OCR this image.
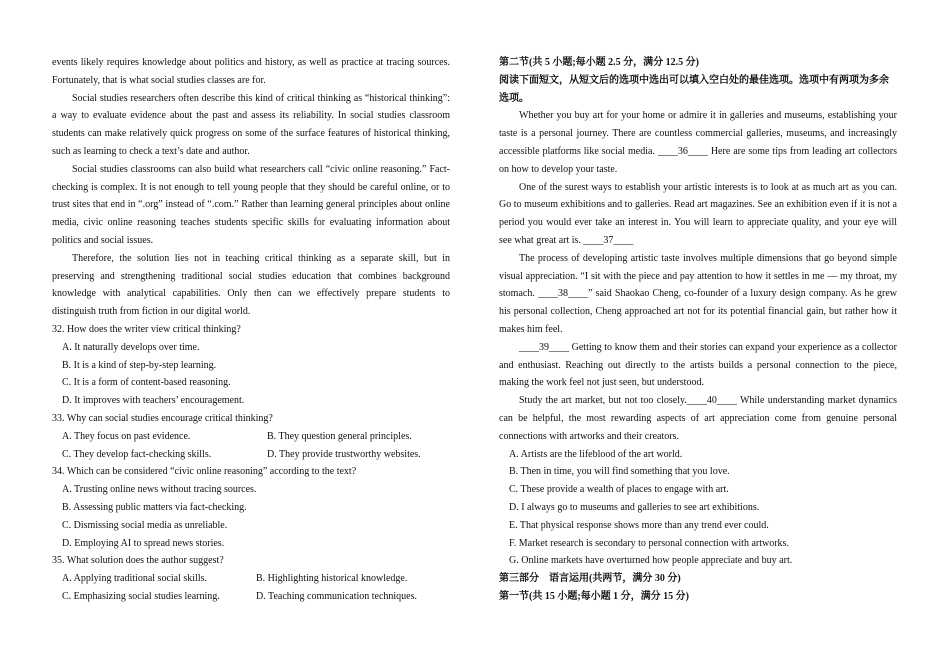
events likely requires knowledge about politics and history, as well as practice at tracing sources. Fortunately, that is what social studies classes are for.

Social studies researchers often describe this kind of critical thinking as “historical thinking”: a way to evaluate evidence about the past and assess its reliability. In social studies classroom students can make relatively quick progress on some of the surface features of historical thinking, such as learning to check a text’s date and author.

Social studies classrooms can also build what researchers call “civic online reasoning.” Fact-checking is complex. It is not enough to tell young people that they should be careful online, or to trust sites that end in “.org” instead of “.com.” Rather than learning general principles about online media, civic online reasoning teaches students specific skills for evaluating information about politics and social issues.

Therefore, the solution lies not in teaching critical thinking as a separate skill, but in preserving and strengthening traditional social studies education that combines background knowledge with analytical capabilities. Only then can we effectively prepare students to distinguish truth from fiction in our digital world.

32. How does the writer view critical thinking?

A. It naturally develops over time.

B. It is a kind of step-by-step learning.

C. It is a form of content-based reasoning.

D. It improves with teachers’ encouragement.

33. Why can social studies encourage critical thinking?

A. They focus on past evidence.	B. They question general principles.
C. They develop fact-checking skills.	D. They provide trustworthy websites.

34. Which can be considered “civic online reasoning” according to the text?

A. Trusting online news without tracing sources.

B. Assessing public matters via fact-checking.

C. Dismissing social media as unreliable.

D. Employing AI to spread news stories.

35. What solution does the author suggest?

A. Applying traditional social skills.	B. Highlighting historical knowledge.
C. Emphasizing social studies learning.	D. Teaching communication techniques.

第二节(共 5 小题;每小题 2.5 分，满分 12.5 分)

阅读下面短文，从短文后的选项中选出可以填入空白处的最佳选项。选项中有两项为多余选项。

Whether you buy art for your home or admire it in galleries and museums, establishing your taste is a personal journey. There are countless commercial galleries, museums, and increasingly accessible platforms like social media. ____36____ Here are some tips from leading art collectors on how to develop your taste.

One of the surest ways to establish your artistic interests is to look at as much art as you can. Go to museum exhibitions and to galleries. Read art magazines. See an exhibition even if it is not a period you would ever take an interest in. You will learn to appreciate quality, and your eye will see what great art is. ____37____

The process of developing artistic taste involves multiple dimensions that go beyond simple visual appreciation. “I sit with the piece and pay attention to how it settles in me — my throat, my stomach. ____38____” said Shaokao Cheng, co-founder of a luxury design company. As he grew his personal collection, Cheng approached art not for its potential financial gain, but rather how it makes him feel.

____39____ Getting to know them and their stories can expand your experience as a collector and enthusiast. Reaching out directly to the artists builds a personal connection to the piece, making the work feel not just seen, but understood.

Study the art market, but not too closely.____40____ While understanding market dynamics can be helpful, the most rewarding aspects of art appreciation come from genuine personal connections with artworks and their creators.

A. Artists are the lifeblood of the art world.

B. Then in time, you will find something that you love.

C. These provide a wealth of places to engage with art.

D. I always go to museums and galleries to see art exhibitions.

E. That physical response shows more than any trend ever could.

F. Market research is secondary to personal connection with artworks.

G. Online markets have overturned how people appreciate and buy art.

第三部分　语言运用(共两节，满分 30 分)

第一节(共 15 小题;每小题 1 分，满分 15 分)
